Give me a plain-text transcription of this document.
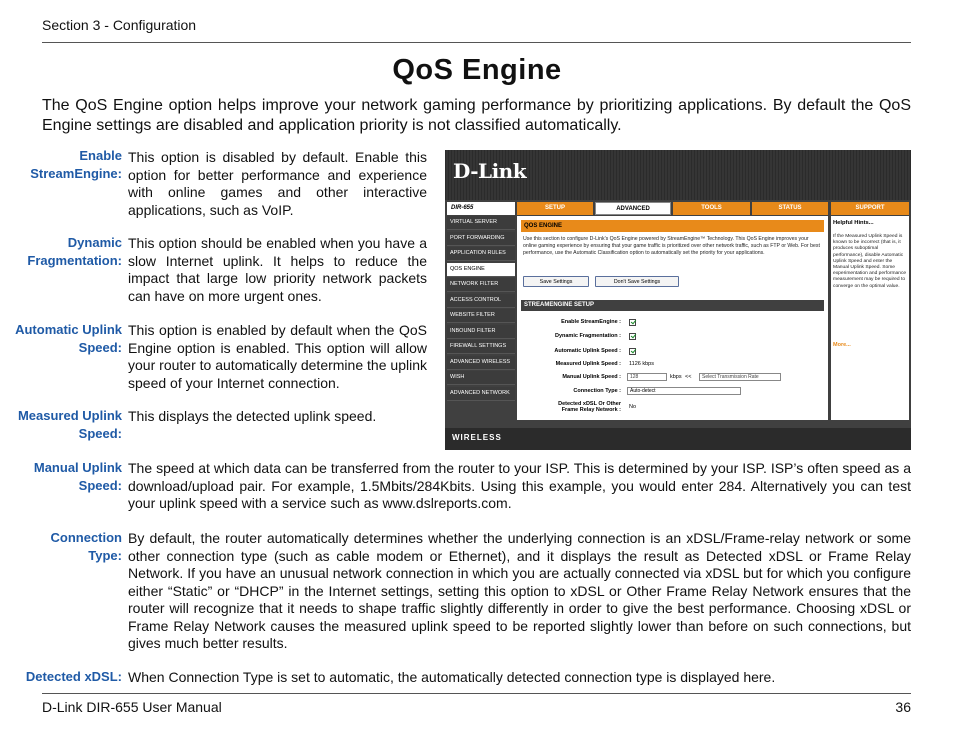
Section 3 - Configuration
QoS Engine
The QoS Engine option helps improve your network gaming performance by prioritizing applications. By default the QoS Engine settings are disabled and application priority is not classified automatically.
Enable StreamEngine:
This option is disabled by default. Enable this option for better performance and experience with online games and other interactive applications, such as VoIP.
Dynamic Fragmentation:
This option should be enabled when you have a slow Internet uplink. It helps to reduce the impact that large low priority network packets can have on more urgent ones.
Automatic Uplink Speed:
This option is enabled by default when the QoS Engine option is enabled. This option will allow your router to automatically determine the uplink speed of your Internet connection.
Measured Uplink Speed:
This displays the detected uplink speed.
Manual Uplink Speed:
The speed at which data can be transferred from the router to your ISP. This is determined by your ISP. ISP’s often speed as a download/upload pair. For example, 1.5Mbits/284Kbits. Using this example, you would enter 284. Alternatively you can test your uplink speed with a service such as www.dslreports.com.
Connection Type:
By default, the router automatically determines whether the underlying connection is an xDSL/Frame-relay network or some other connection type (such as cable modem or Ethernet), and it displays the result as Detected xDSL or Frame Relay Network. If you have an unusual network connection in which you are actually connected via xDSL but for which you configure either “Static” or “DHCP” in the Internet settings, setting this option to xDSL or Other Frame Relay Network ensures that the router will recognize that it needs to shape traffic slightly differently in order to give the best performance. Choosing xDSL or Frame Relay Network causes the measured uplink speed to be reported slightly lower than before on such connections, but gives much better results.
Detected xDSL: When Connection Type is set to automatic, the automatically detected connection type is displayed here.
D-Link
DIR-655	SETUP	ADVANCED	TOOLS	STATUS	SUPPORT
VIRTUAL SERVER
PORT FORWARDING
APPLICATION RULES
QOS ENGINE
NETWORK FILTER
ACCESS CONTROL
WEBSITE FILTER
INBOUND FILTER
FIREWALL SETTINGS
ADVANCED WIRELESS
WISH
ADVANCED NETWORK
QOS ENGINE
Use this section to configure D-Link's QoS Engine powered by StreamEngine™ Technology. This QoS Engine improves your online gaming experience by ensuring that your game traffic is prioritized over other network traffic, such as FTP or Web. For best performance, use the Automatic Classification option to automatically set the priority for your applications.
Save Settings	Don't Save Settings
STREAMENGINE SETUP
Enable StreamEngine :
Dynamic Fragmentation :
Automatic Uplink Speed :
Measured Uplink Speed : 1126 kbps
Manual Uplink Speed :	128	kbps <<	Select Transmission Rate
Connection Type :	Auto-detect
Detected xDSL Or Other
Frame Relay Network : No
Helpful Hints...
If the Measured Uplink Speed is known to be incorrect (that is, it produces suboptimal performance), disable Automatic Uplink Speed and enter the Manual Uplink Speed. Some experimentation and performance measurement may be required to converge on the optimal value.
More...
WIRELESS
D-Link DIR-655 User Manual	36
